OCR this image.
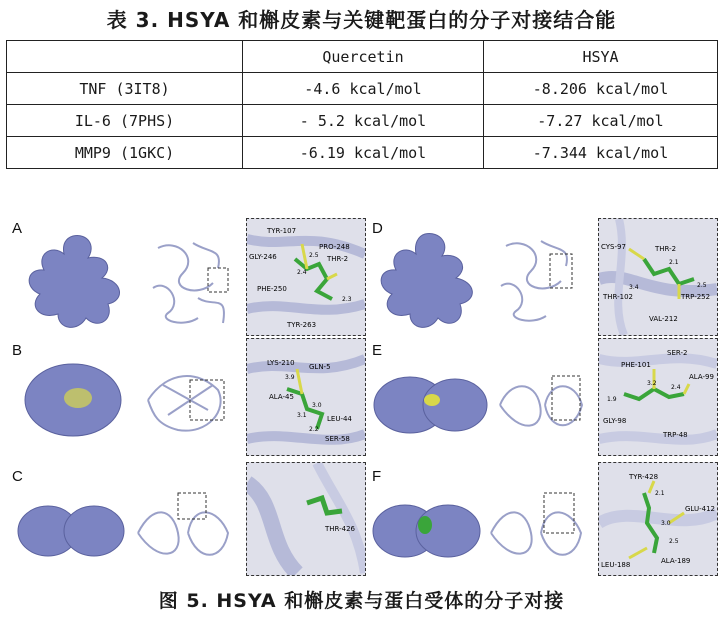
表 3. HSYA 和槲皮素与关键靶蛋白的分子对接结合能
	Quercetin	HSYA
TNF (3IT8)	-4.6 kcal/mol	-8.206 kcal/mol
IL-6 (7PHS)	- 5.2 kcal/mol	-7.27 kcal/mol
MMP9 (1GKC)	-6.19 kcal/mol	-7.344 kcal/mol
A	TYR-107
PRO-248
GLY-246	THR-2
PHE-250
TYR-263
2.4
2.5
2.3
B
LYS-210 GLN-5
ALA-45
LEU-44
SER-58
3.9
3.0
3.1
2.2
C
THR-426
D
CYS-97	THR-2
THR-102	TRP-252
VAL-212
2.1
2.5
3.4
E
PHE-101
SER-2
ALA-99
GLY-98
TRP-48
3.2
2.4
1.9
F	TYR-428
GLU-412
LEU-188	ALA-189
2.1
3.0
2.5
图 5. HSYA 和槲皮素与蛋白受体的分子对接
